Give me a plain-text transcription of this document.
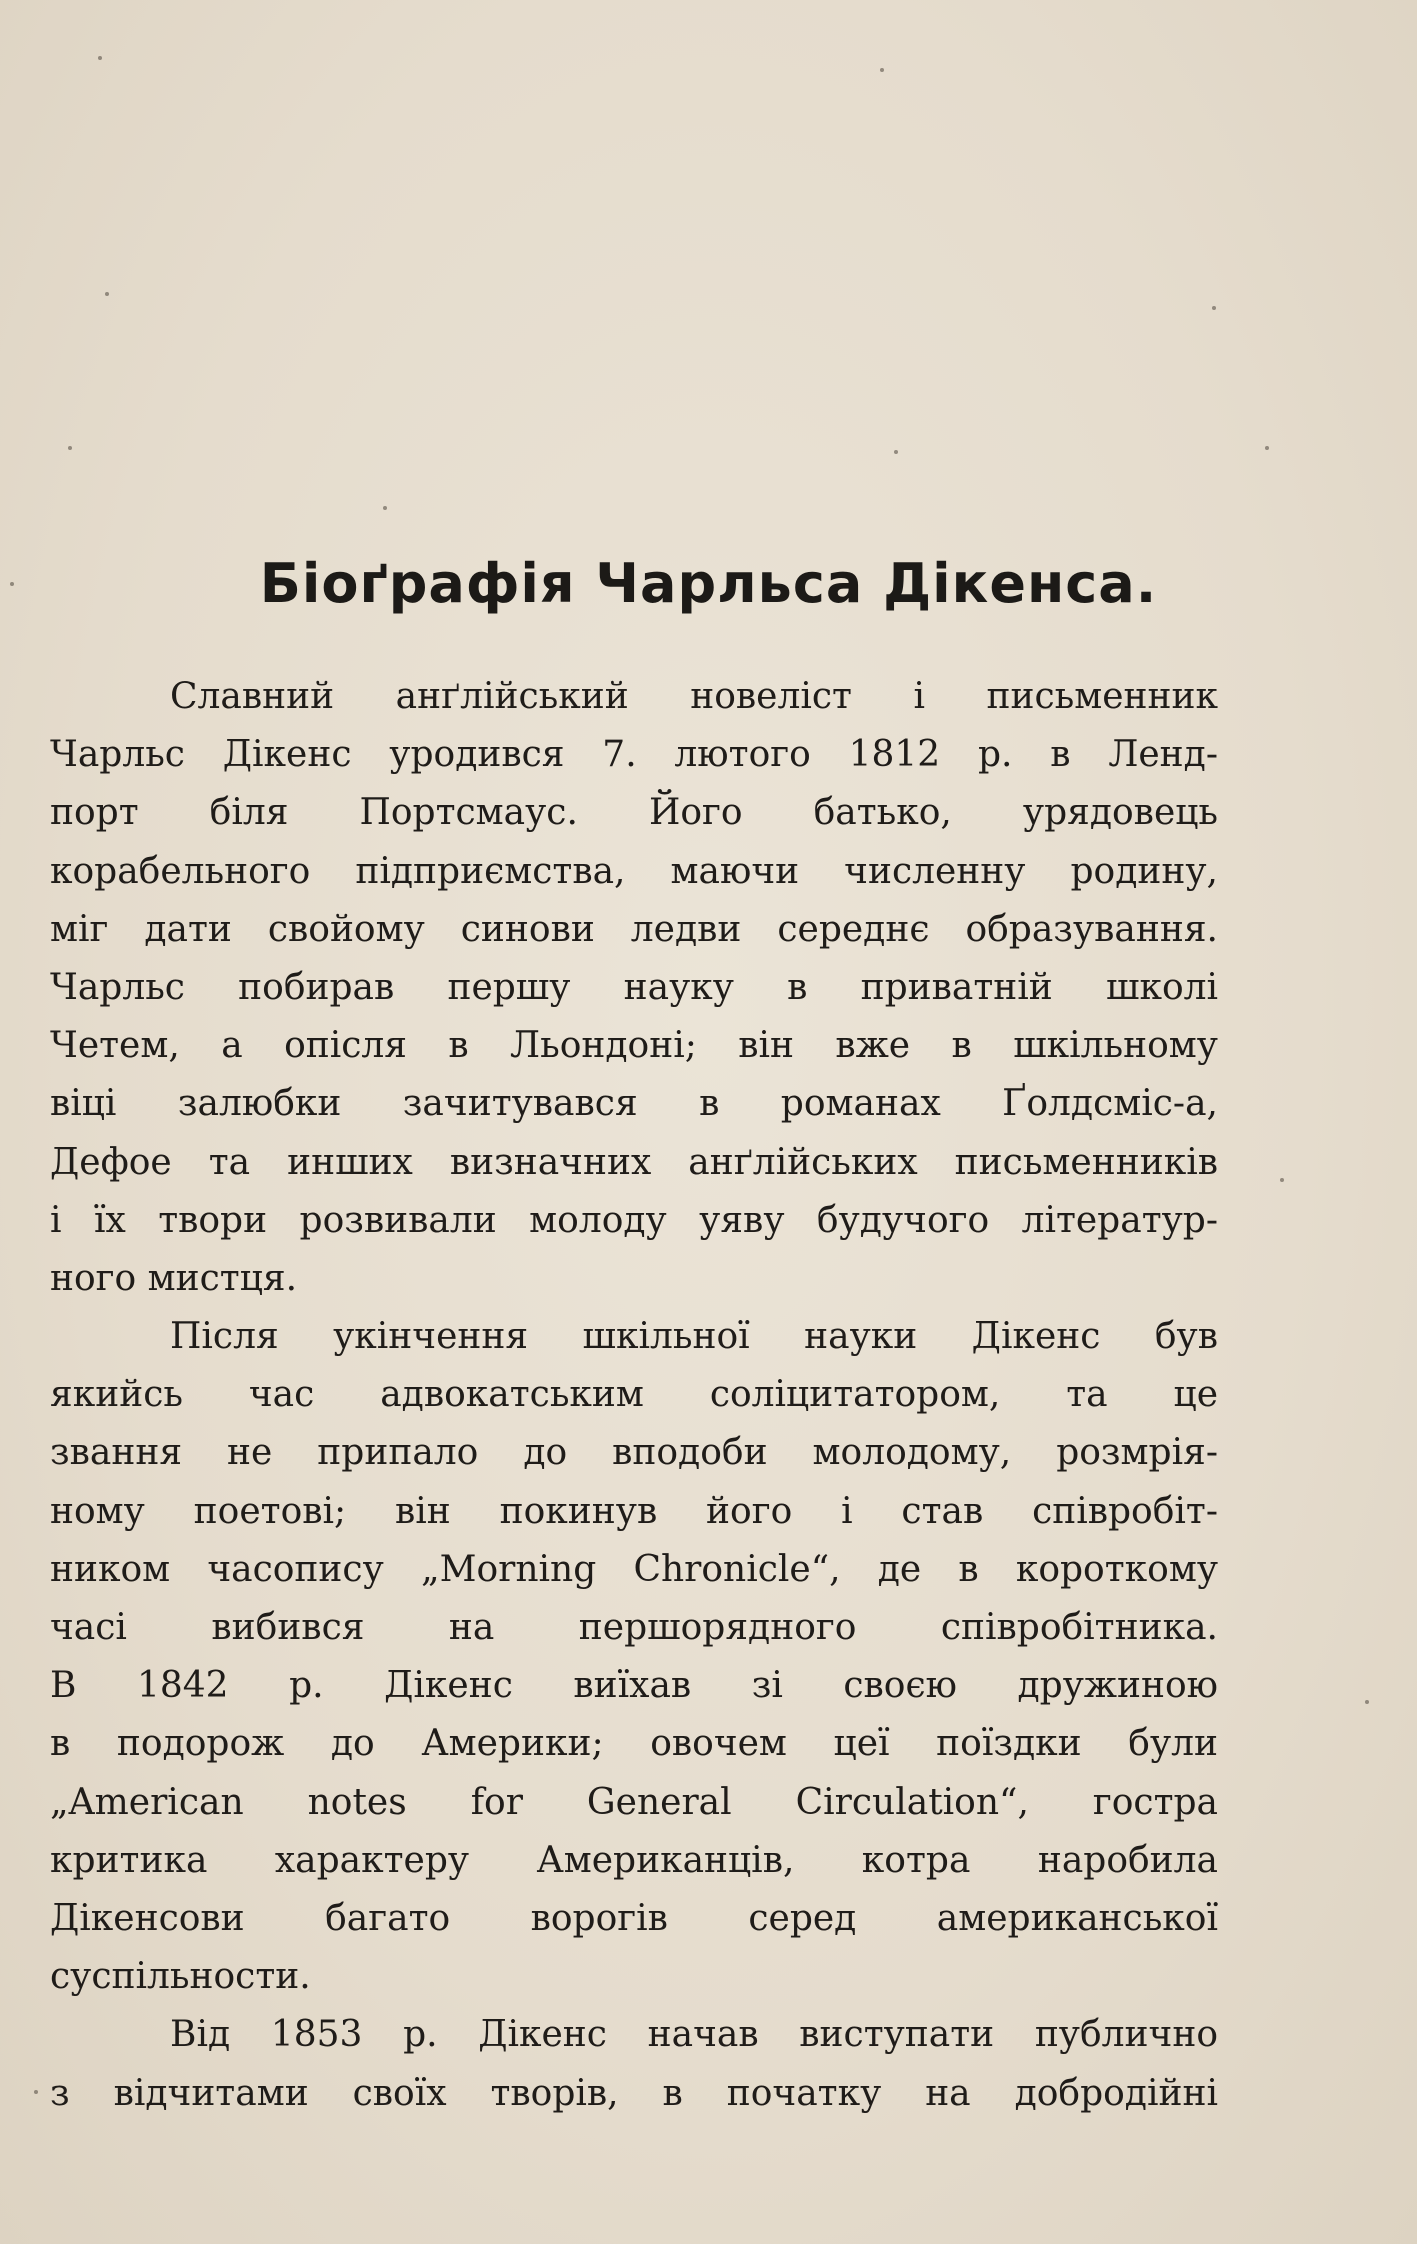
Біоґрафія Чарльса Дікенса.
Славний анґлійський новеліст і письменник
Чарльс Дікенс уродився 7. лютого 1812 р. в Ленд-
порт біля Портсмаус. Його батько, урядовець
корабельного підприємства, маючи численну родину,
міг дати свойому синови ледви середнє образування.
Чарльс побирав першу науку в приватній школі
Четем, а опісля в Льондоні; він вже в шкільному
віці залюбки зачитувався в романах Ґолдсміс-а,
Дефое та инших визначних анґлійських письменників
і їх твори розвивали молоду уяву будучого літератур-
ного мистця.
Після укінчення шкільної науки Дікенс був
якийсь час адвокатським соліцитатором, та це
звання не припало до вподоби молодому, розмрія-
ному поетові; він покинув його і став співробіт-
ником часопису „Morning Chronicle“, де в короткому
часі вибився на першорядного співробітника.
В 1842 р. Дікенс виїхав зі своєю дружиною
в подорож до Америки; овочем цеї поїздки були
„American notes for General Circulation“, гостра
критика характеру Американців, котра наробила
Дікенсови багато ворогів серед американської
суспільности.
Від 1853 р. Дікенс начав виступати публично
з відчитами своїх творів, в початку на добродійні
